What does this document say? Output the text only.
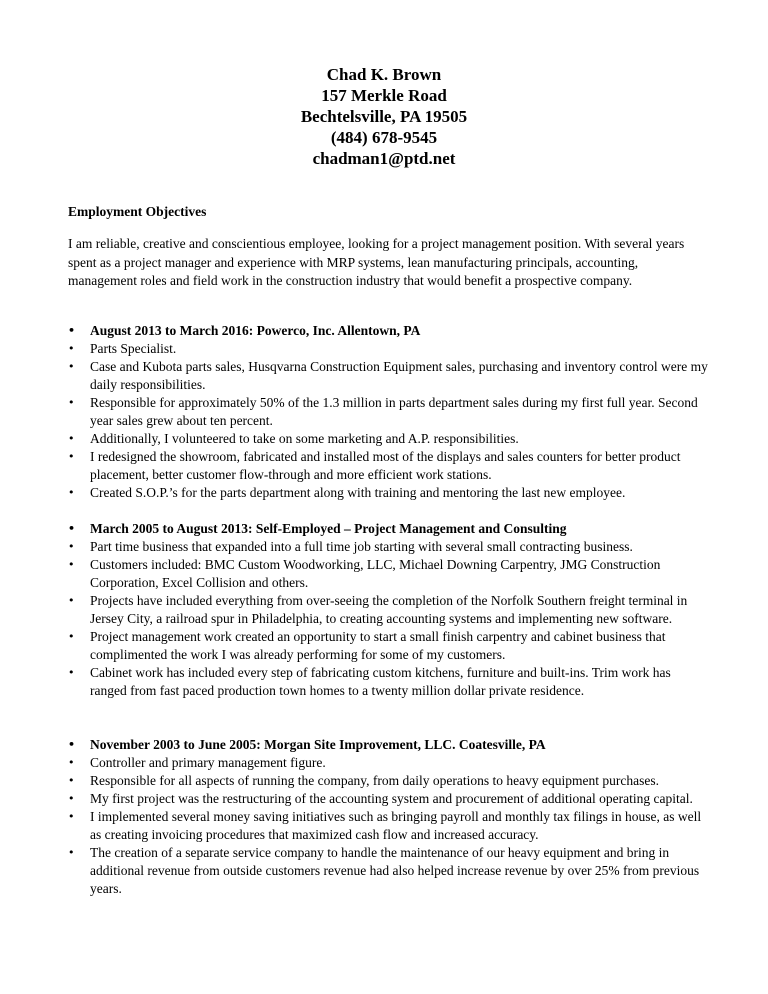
Chad K. Brown
157 Merkle Road
Bechtelsville, PA 19505
(484) 678-9545
chadman1@ptd.net
Employment Objectives
I am reliable, creative and conscientious employee, looking for a project management position. With several years spent as a project manager and experience with MRP systems, lean manufacturing principals, accounting, management roles and field work in the construction industry that would benefit a prospective company.
•	August 2013 to March 2016: Powerco, Inc. Allentown, PA
•	Parts Specialist.
•	Case and Kubota parts sales, Husqvarna Construction Equipment sales, purchasing and inventory control were my daily responsibilities.
•	Responsible for approximately 50% of the 1.3 million in parts department sales during my first full year. Second year sales grew about ten percent.
•	Additionally, I volunteered to take on some marketing and A.P. responsibilities.
•	I redesigned the showroom, fabricated and installed most of the displays and sales counters for better product placement, better customer flow-through and more efficient work stations.
•	Created S.O.P.’s for the parts department along with training and mentoring the last new employee.
•	March 2005 to August 2013: Self-Employed – Project Management and Consulting
•	Part time business that expanded into a full time job starting with several small contracting business.
•	Customers included: BMC Custom Woodworking, LLC, Michael Downing Carpentry, JMG Construction Corporation, Excel Collision and others.
•	Projects have included everything from over-seeing the completion of the Norfolk Southern freight terminal in Jersey City, a railroad spur in Philadelphia, to creating accounting systems and implementing new software.
•	Project management work created an opportunity to start a small finish carpentry and cabinet business that complimented the work I was already performing for some of my customers.
•	Cabinet work has included every step of fabricating custom kitchens, furniture and built-ins. Trim work has ranged from fast paced production town homes to a twenty million dollar private residence.
•	November 2003 to June 2005: Morgan Site Improvement, LLC. Coatesville, PA
•	Controller and primary management figure.
•	Responsible for all aspects of running the company, from daily operations to heavy equipment purchases.
•	My first project was the restructuring of the accounting system and procurement of additional operating capital.
•	I implemented several money saving initiatives such as bringing payroll and monthly tax filings in house, as well as creating invoicing procedures that maximized cash flow and increased accuracy.
•	The creation of a separate service company to handle the maintenance of our heavy equipment and bring in additional revenue from outside customers revenue had also helped increase revenue by over 25% from previous years.
